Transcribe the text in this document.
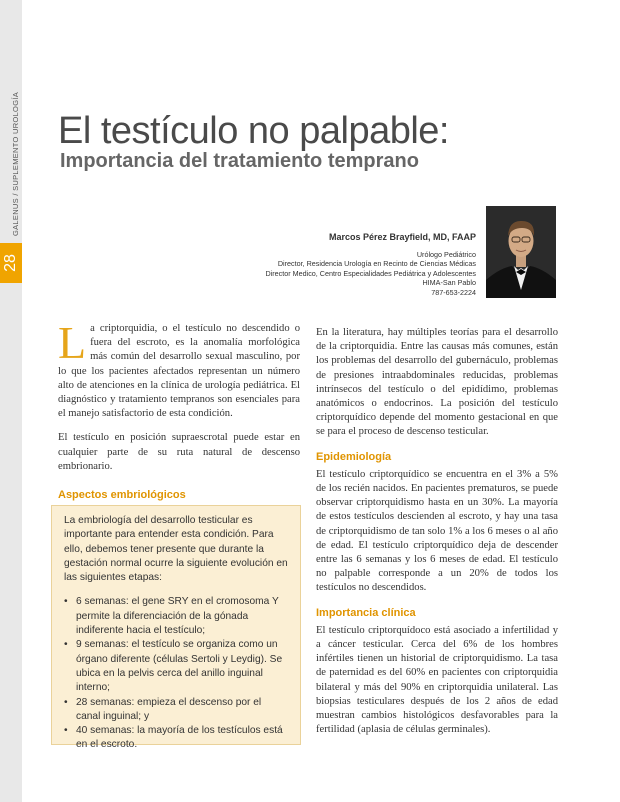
GALENUS / SUPLEMENTO UROLOGÍA
28
El testículo no palpable:
Importancia del tratamiento temprano
Marcos Pérez Brayfield, MD, FAAP
Urólogo Pediátrico
Director, Residencia Urología en Recinto de Ciencias Médicas
Director Medico, Centro Especialidades Pediátrica y Adolescentes
HIMA-San Pablo
787-653-2224

La criptorquidia, o el testículo no descendido o fuera del escroto, es la anomalía morfológica más común del desarrollo sexual masculino, por lo que los pacientes afectados representan un número alto de atenciones en la clínica de urología pediátrica. El diagnóstico y tratamiento tempranos son esenciales para el manejo satisfactorio de esta condición.

El testículo en posición supraescrotal puede estar en cualquier parte de su ruta natural de descenso embrionario.

Aspectos embriológicos

La embriología del desarrollo testicular es importante para entender esta condición. Para ello, debemos tener presente que durante la gestación normal ocurre la siguiente evolución en las siguientes etapas:

• 6 semanas: el gene SRY en el cromosoma Y permite la diferenciación de la gónada indiferente hacia el testículo;
• 9 semanas: el testículo se organiza como un órgano diferente (células Sertoli y Leydig). Se ubica en la pelvis cerca del anillo inguinal interno;
• 28 semanas: empieza el descenso por el canal inguinal; y
• 40 semanas: la mayoría de los testículos está en el escroto.

En la literatura, hay múltiples teorías para el desarrollo de la criptorquidia. Entre las causas más comunes, están los problemas del desarrollo del gubernáculo, problemas de presiones intraabdominales reducidas, problemas intrínsecos del testículo o del epidídimo, problemas anatómicos o endocrinos. La posición del testículo criptorquídico depende del momento gestacional en que se para el proceso de descenso testicular.

Epidemiología

El testículo criptorquídico se encuentra en el 3% a 5% de los recién nacidos. En pacientes prematuros, se puede observar criptorquidismo hasta en un 30%. La mayoría de estos testículos descienden al escroto, y hay una tasa de criptorquidismo de tan solo 1% a los 6 meses o al año de edad. El testículo criptorquídico deja de descender entre las 6 semanas y los 6 meses de edad. El testículo no palpable corresponde a un 20% de todos los testículos no descendidos.

Importancia clínica

El testículo criptorquídoco está asociado a infertilidad y a cáncer testicular. Cerca del 6% de los hombres infértiles tienen un historial de criptorquidismo. La tasa de paternidad es del 60% en pacientes con criptorquidia bilateral y más del 90% en criptorquidia unilateral. Las biopsias testiculares después de los 2 años de edad muestran cambios histológicos desfavorables para la fertilidad (aplasia de células germinales).
